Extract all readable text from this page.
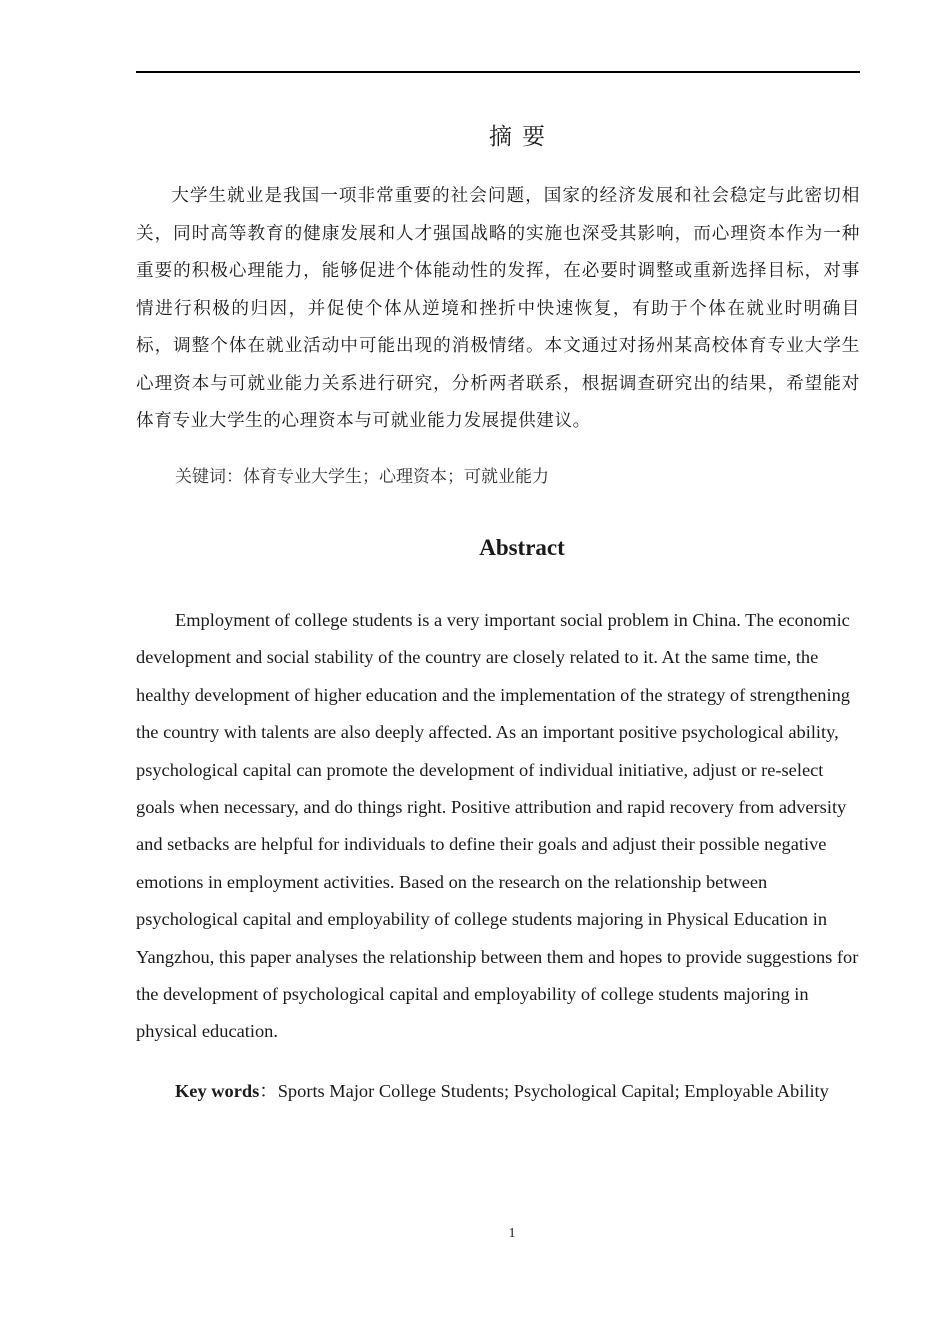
摘要

大学生就业是我国一项非常重要的社会问题，国家的经济发展和社会稳定与此密切相关，同时高等教育的健康发展和人才强国战略的实施也深受其影响，而心理资本作为一种重要的积极心理能力，能够促进个体能动性的发挥，在必要时调整或重新选择目标，对事情进行积极的归因，并促使个体从逆境和挫折中快速恢复，有助于个体在就业时明确目标，调整个体在就业活动中可能出现的消极情绪。本文通过对扬州某高校体育专业大学生心理资本与可就业能力关系进行研究，分析两者联系，根据调查研究出的结果，希望能对体育专业大学生的心理资本与可就业能力发展提供建议。

关键词：体育专业大学生；心理资本；可就业能力
Abstract

Employment of college students is a very important social problem in China. The economic development and social stability of the country are closely related to it. At the same time, the healthy development of higher education and the implementation of the strategy of strengthening the country with talents are also deeply affected. As an important positive psychological ability, psychological capital can promote the development of individual initiative, adjust or re-select goals when necessary, and do things right. Positive attribution and rapid recovery from adversity and setbacks are helpful for individuals to define their goals and adjust their possible negative emotions in employment activities. Based on the research on the relationship between psychological capital and employability of college students majoring in Physical Education in Yangzhou, this paper analyses the relationship between them and hopes to provide suggestions for the development of psychological capital and employability of college students majoring in physical education.

Key words：Sports Major College Students; Psychological Capital; Employable Ability
1
